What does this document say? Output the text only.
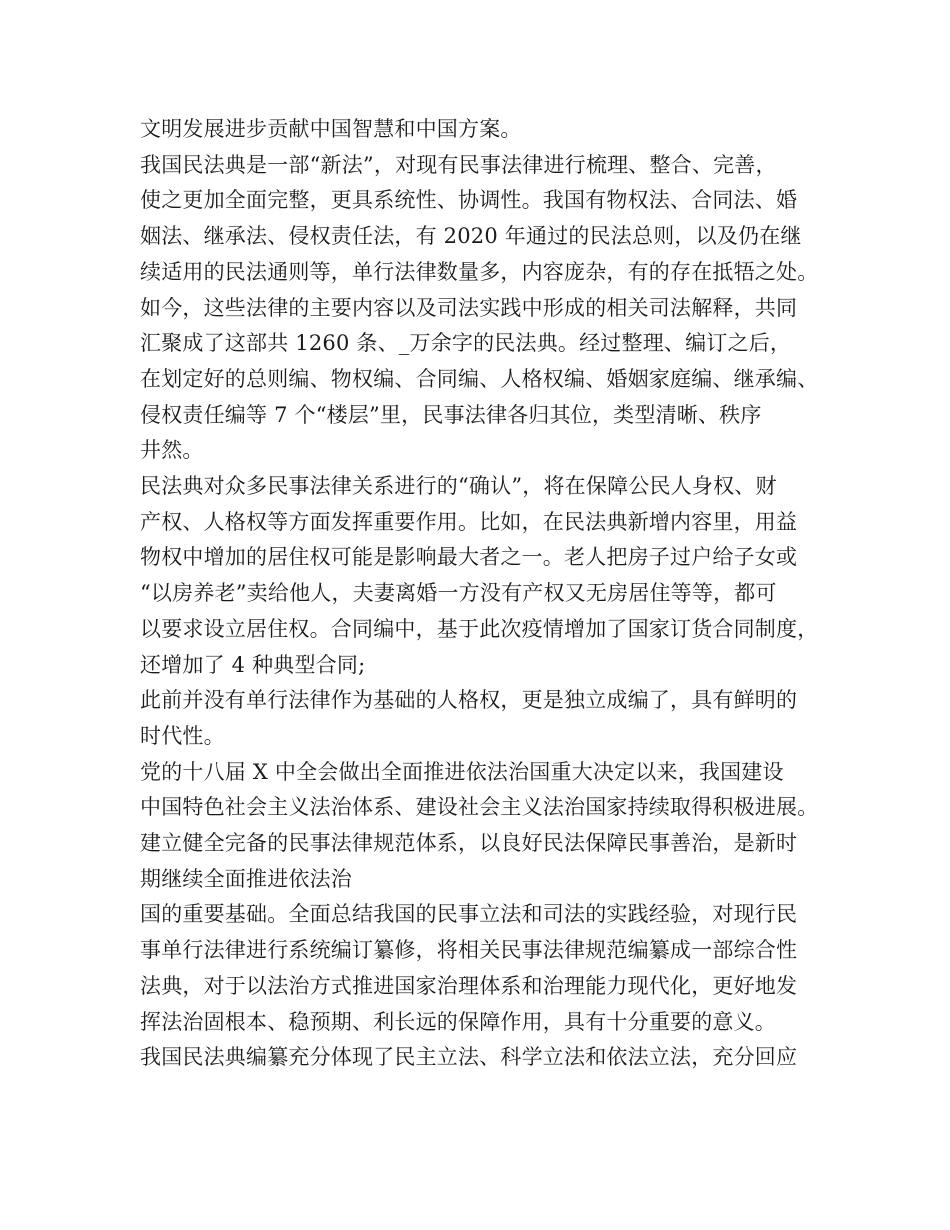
文明发展进步贡献中国智慧和中国方案。
我国民法典是一部“新法”，对现有民事法律进行梳理、整合、完善，
使之更加全面完整，更具系统性、协调性。我国有物权法、合同法、婚
姻法、继承法、侵权责任法，有 2020 年通过的民法总则，以及仍在继
续适用的民法通则等，单行法律数量多，内容庞杂，有的存在抵牾之处。
如今，这些法律的主要内容以及司法实践中形成的相关司法解释，共同
汇聚成了这部共 1260 条、_万余字的民法典。经过整理、编订之后，
在划定好的总则编、物权编、合同编、人格权编、婚姻家庭编、继承编、
侵权责任编等 7 个“楼层”里，民事法律各归其位，类型清晰、秩序
井然。
民法典对众多民事法律关系进行的“确认”，将在保障公民人身权、财
产权、人格权等方面发挥重要作用。比如，在民法典新增内容里，用益
物权中增加的居住权可能是影响最大者之一。老人把房子过户给子女或
“以房养老”卖给他人，夫妻离婚一方没有产权又无房居住等等，都可
以要求设立居住权。合同编中，基于此次疫情增加了国家订货合同制度，
还增加了 4 种典型合同;
此前并没有单行法律作为基础的人格权，更是独立成编了，具有鲜明的
时代性。
党的十八届 X 中全会做出全面推进依法治国重大决定以来，我国建设
中国特色社会主义法治体系、建设社会主义法治国家持续取得积极进展。
建立健全完备的民事法律规范体系，以良好民法保障民事善治，是新时
期继续全面推进依法治
国的重要基础。全面总结我国的民事立法和司法的实践经验，对现行民
事单行法律进行系统编订纂修，将相关民事法律规范编纂成一部综合性
法典，对于以法治方式推进国家治理体系和治理能力现代化，更好地发
挥法治固根本、稳预期、利长远的保障作用，具有十分重要的意义。
我国民法典编纂充分体现了民主立法、科学立法和依法立法，充分回应
